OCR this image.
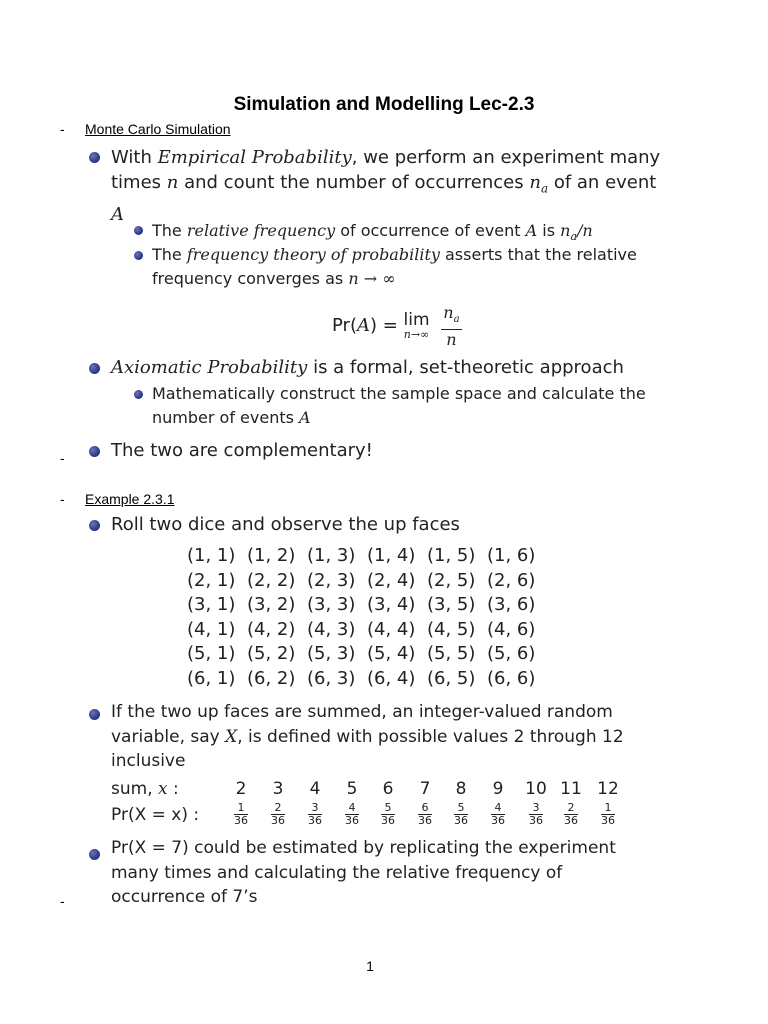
Simulation and Modelling Lec-2.3
- Monte Carlo Simulation
With Empirical Probability, we perform an experiment many
times n and count the number of occurrences $n_a$ of an event
A
The relative frequency of occurrence of event A is $n_a/n$
The frequency theory of probability asserts that the relative
frequency converges as n → ∞
Pr(A) = lim
n→∞
$\frac{n_a}{n}$
Axiomatic Probability is a formal, set-theoretic approach
Mathematically construct the sample space and calculate the
number of events A
-	The two are complementary!
- Example 2.3.1
Roll two dice and observe the up faces
(1, 1) (1, 2) (1, 3) (1, 4) (1, 5) (1, 6)
(2, 1) (2, 2) (2, 3) (2, 4) (2, 5) (2, 6)
(3, 1) (3, 2) (3, 3) (3, 4) (3, 5) (3, 6)
(4, 1) (4, 2) (4, 3) (4, 4) (4, 5) (4, 6)
(5, 1) (5, 2) (5, 3) (5, 4) (5, 5) (5, 6)
(6, 1) (6, 2) (6, 3) (6, 4) (6, 5) (6, 6)
If the two up faces are summed, an integer-valued random
variable, say X, is defined with possible values 2 through 12
inclusive
sum, x :
Pr(X = x) :
2
$\frac{1}{36}$
3
$\frac{2}{36}$
4
$\frac{3}{36}$
5
$\frac{4}{36}$
6
$\frac{5}{36}$
7
$\frac{6}{36}$
8
$\frac{5}{36}$
9
$\frac{4}{36}$
10
$\frac{3}{36}$
11
$\frac{2}{36}$
12
$\frac{1}{36}$
Pr(X = 7) could be estimated by replicating the experiment
many times and calculating the relative frequency of
occurrence of 7’s
-
1
